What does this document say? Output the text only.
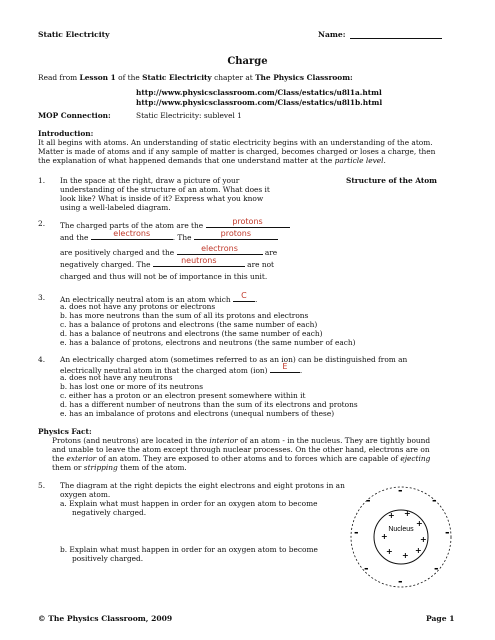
Static Electricity	Name:
Charge
Read from Lesson 1 of the Static Electricity chapter at The Physics Classroom:
http://www.physicsclassroom.com/Class/estatics/u8l1a.html
http://www.physicsclassroom.com/Class/estatics/u8l1b.html
MOP Connection:	Static Electricity: sublevel 1
Introduction:
It all begins with atoms. An understanding of static electricity begins with an understanding of the atom.
Matter is made of atoms and if any sample of matter is charged, becomes charged or loses a charge, then
the explanation of what happened demands that one understand matter at the particle level.
1. In the space at the right, draw a picture of your
understanding of the structure of an atom. What does it
look like? What is inside of it? Express what you know
using a well-labeled diagram.
Structure of the Atom
2. The charged parts of the atom are the	protons
and the	electrons	. The	protons
are positively charged and the	electrons	are
negatively charged. The	neutrons	are not
charged and thus will not be of importance in this unit.
3. An electrically neutral atom is an atom which	C	.
a. does not have any protons or electrons
b. has more neutrons than the sum of all its protons and electrons
c. has a balance of protons and electrons (the same number of each)
d. has a balance of neutrons and electrons (the same number of each)
e. has a balance of protons, electrons and neutrons (the same number of each)
4. An electrically charged atom (sometimes referred to as an ion) can be distinguished from an
electrically neutral atom in that the charged atom (ion)	E	.
a. does not have any neutrons
b. has lost one or more of its neutrons
c. either has a proton or an electron present somewhere within it
d. has a different number of neutrons than the sum of its electrons and protons
e. has an imbalance of protons and electrons (unequal numbers of these)
Physics Fact:
Protons (and neutrons) are located in the interior of an atom - in the nucleus. They are tightly bound
and unable to leave the atom except through nuclear processes. On the other hand, electrons are on
the exterior of an atom. They are exposed to other atoms and to forces which are capable of ejecting
them or stripping them of the atom.
5. The diagram at the right depicts the eight electrons and eight protons in an
oxygen atom.
a. Explain what must happen in order for an oxygen atom to become
negatively charged.
b. Explain what must happen in order for an oxygen atom to become
positively charged.
Nucleus
+ +
+
+	+
+ +
+
-
-	-
-	-
-	-
-
© The Physics Classroom, 2009	Page 1
